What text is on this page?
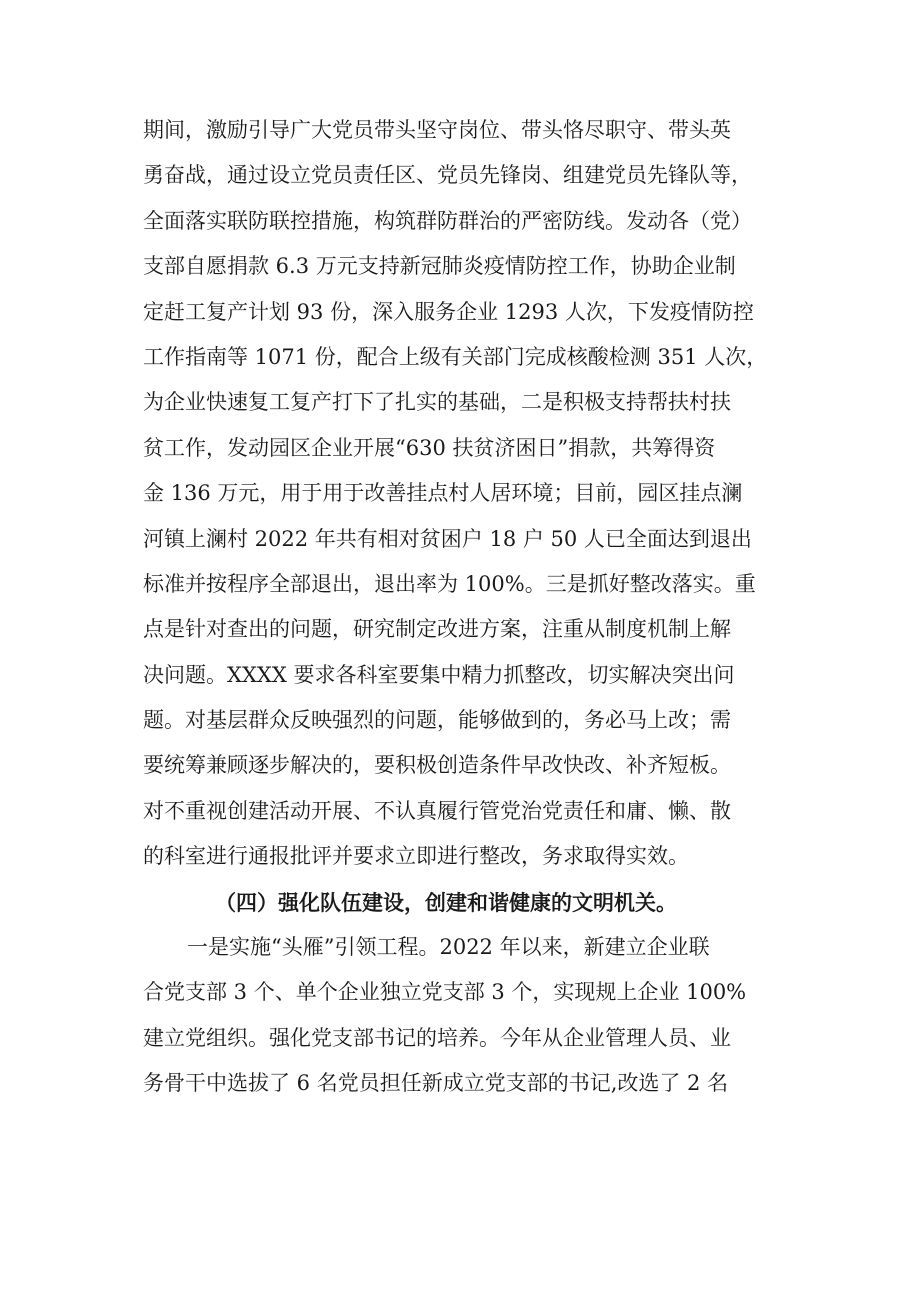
期间，激励引导广大党员带头坚守岗位、带头恪尽职守、带头英
勇奋战，通过设立党员责任区、党员先锋岗、组建党员先锋队等，
全面落实联防联控措施，构筑群防群治的严密防线。发动各（党）
支部自愿捐款 6.3 万元支持新冠肺炎疫情防控工作，协助企业制
定赶工复产计划 93 份，深入服务企业 1293 人次，下发疫情防控
工作指南等 1071 份，配合上级有关部门完成核酸检测 351 人次，
为企业快速复工复产打下了扎实的基础，二是积极支持帮扶村扶
贫工作，发动园区企业开展“630 扶贫济困日”捐款，共筹得资
金 136 万元，用于用于改善挂点村人居环境；目前，园区挂点澜
河镇上澜村 2022 年共有相对贫困户 18 户 50 人已全面达到退出
标准并按程序全部退出，退出率为 100%。三是抓好整改落实。重
点是针对查出的问题，研究制定改进方案，注重从制度机制上解
决问题。XXXX 要求各科室要集中精力抓整改，切实解决突出问
题。对基层群众反映强烈的问题，能够做到的，务必马上改；需
要统筹兼顾逐步解决的，要积极创造条件早改快改、补齐短板。
对不重视创建活动开展、不认真履行管党治党责任和庸、懒、散
的科室进行通报批评并要求立即进行整改，务求取得实效。
（四）强化队伍建设，创建和谐健康的文明机关。
一是实施“头雁”引领工程。2022 年以来，新建立企业联
合党支部 3 个、单个企业独立党支部 3 个，实现规上企业 100%
建立党组织。强化党支部书记的培养。今年从企业管理人员、业
务骨干中选拔了 6 名党员担任新成立党支部的书记,改选了 2 名
